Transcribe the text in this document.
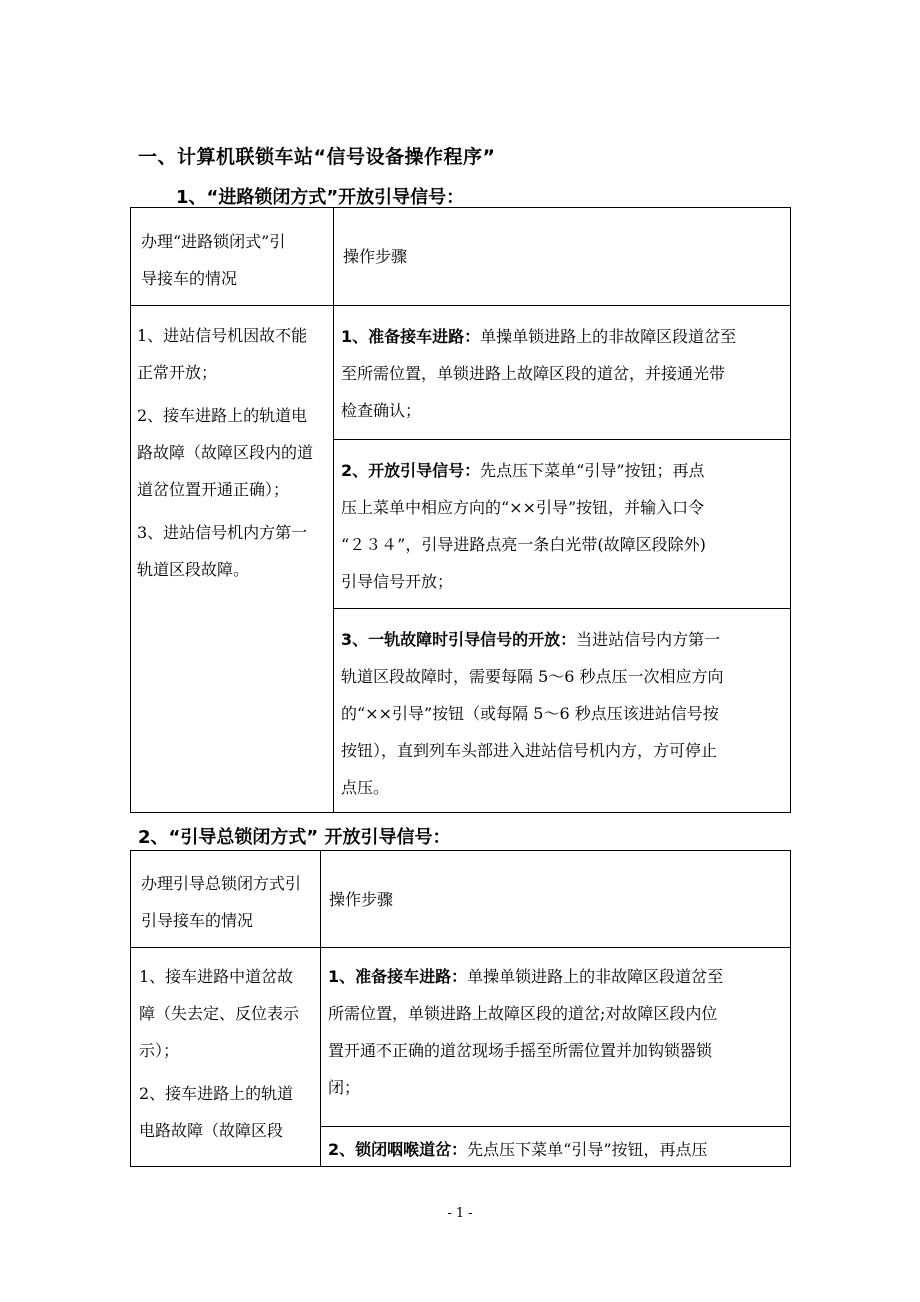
一、计算机联锁车站“信号设备操作程序”
1、“进路锁闭方式”开放引导信号：

办理“进路锁闭式”引

导接车的情况

操作步骤

1、进站信号机因故不能

正常开放；

2、接车进路上的轨道电

路故障（故障区段内的道

道岔位置开通正确）；

3、进站信号机内方第一

轨道区段故障。

1、准备接车进路：单操单锁进路上的非故障区段道岔至

至所需位置，单锁进路上故障区段的道岔，并接通光带

检查确认；

2、开放引导信号：先点压下菜单“引导”按钮；再点

压上菜单中相应方向的“××引导”按钮，并输入口令

“２３４”，引导进路点亮一条白光带(故障区段除外)

引导信号开放；

3、一轨故障时引导信号的开放：当进站信号内方第一

轨道区段故障时，需要每隔 5～6 秒点压一次相应方向

的“××引导”按钮（或每隔 5～6 秒点压该进站信号按

按钮），直到列车头部进入进站信号机内方，方可停止

点压。

2、“引导总锁闭方式” 开放引导信号：

办理引导总锁闭方式引

引导接车的情况

操作步骤

1、接车进路中道岔故

障（失去定、反位表示

示）；

2、接车进路上的轨道

电路故障（故障区段

1、准备接车进路：单操单锁进路上的非故障区段道岔至

所需位置，单锁进路上故障区段的道岔;对故障区段内位

置开通不正确的道岔现场手摇至所需位置并加钩锁器锁

闭；

2、锁闭咽喉道岔：先点压下菜单“引导”按钮，再点压

- 1 -
